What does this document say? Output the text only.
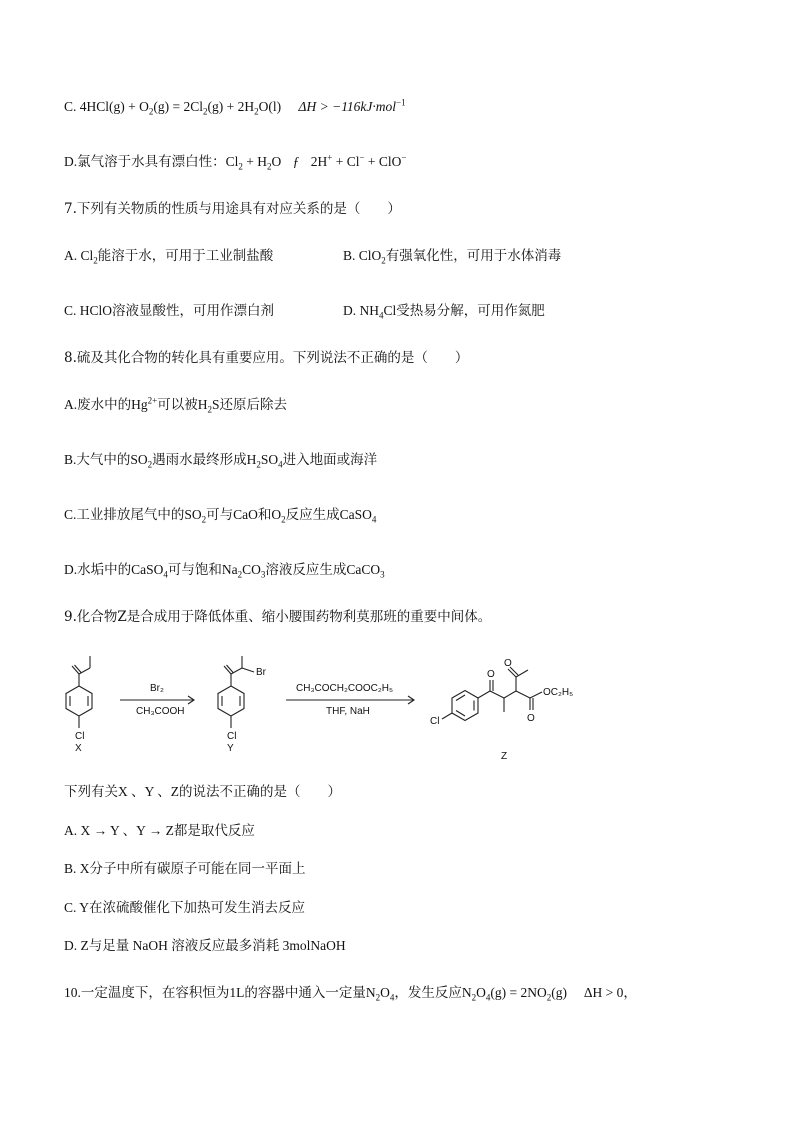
C. $4HCl(g) + O_2(g) = 2Cl_2(g) + 2H_2O(l) \Delta H > -116kJ\cdot mol^{-1}$
D.氯气溶于水具有漂白性：$Cl_2 + H_2O$ ƒ 2H+ + Cl− + ClO−
7.下列有关物质的性质与用途具有对应关系的是（　　）
A. $Cl_2$能溶于水，可用于工业制盐酸	B. ClO$_2$有强氧化性，可用于水体消毒
C. HClO溶液显酸性，可用作漂白剂	D. $NH_4Cl$受热易分解，可用作氮肥
8.硫及其化合物的转化具有重要应用。下列说法不正确的是（　　）
A.废水中的$Hg^{2+}$可以被$H_2S$还原后除去
B.大气中的$SO_2$遇雨水最终形成$H_2SO_4$进入地面或海洋
C.工业排放尾气中的$SO_2$可与CaO和$O_2$反应生成CaSO$_4$
D.水垢中的CaSO$_4$可与饱和$Na_2CO_3$溶液反应生成CaCO$_3$
9.化合物Z是合成用于降低体重、缩小腰围药物利莫那班的重要中间体。
Cl
X
Br₂
CH₃COOH
Br
Cl
Y
CH₃COCH₂COOC₂H₅
THF, NaH
Cl
O
O
O
OC₂H₅
Z
下列有关X 、Y 、Z的说法不正确的是（　　）
A. X → Y 、Y → Z都是取代反应
B. X分子中所有碳原子可能在同一平面上
C. Y在浓硫酸催化下加热可发生消去反应
D. Z与足量 NaOH 溶液反应最多消耗 3molNaOH
10.一定温度下，在容积恒为1L的容器中通入一定量$N_2O_4$，发生反应$N_2O_4(g) = 2NO_2(g)$　 ΔH > 0，
